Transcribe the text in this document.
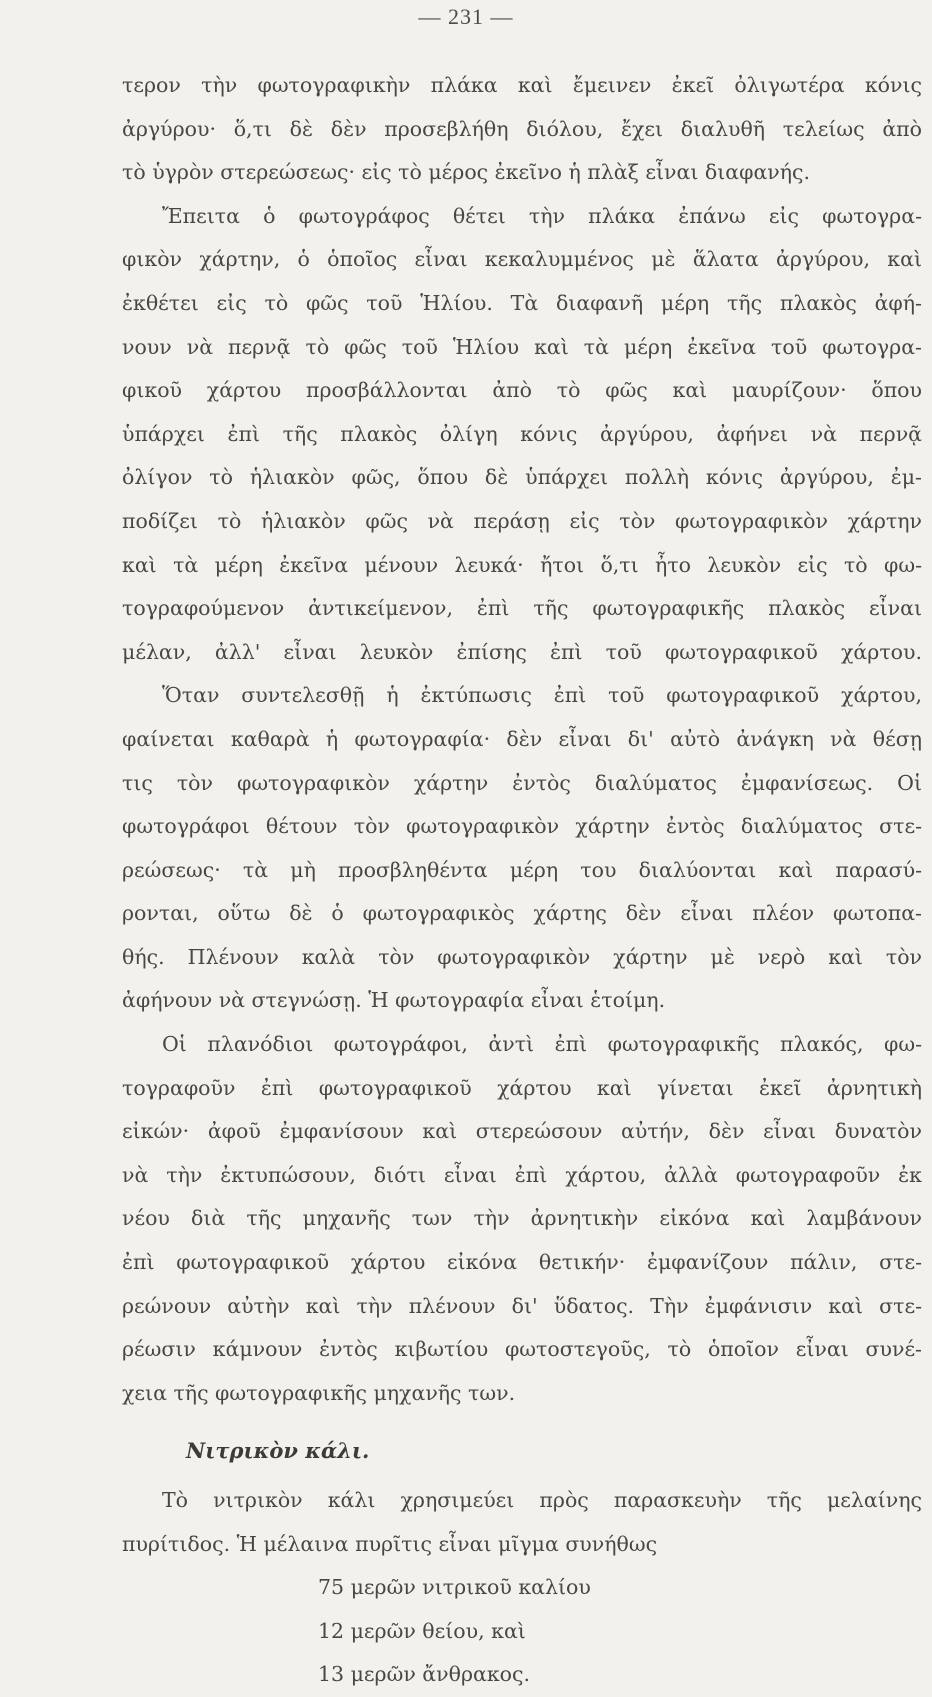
— 231 —
τερον τὴν φωτογραφικὴν πλάκα καὶ ἔμεινεν ἐκεῖ ὀλιγωτέρα κόνις
ἀργύρου· ὅ,τι δὲ δὲν προσεβλήθη διόλου, ἔχει διαλυθῆ τελείως ἀπὸ
τὸ ὑγρὸν στερεώσεως· εἰς τὸ μέρος ἐκεῖνο ἡ πλὰξ εἶναι διαφανής.
Ἔπειτα ὁ φωτογράφος θέτει τὴν πλάκα ἐπάνω εἰς φωτογρα-
φικὸν χάρτην, ὁ ὁποῖος εἶναι κεκαλυμμένος μὲ ἅλατα ἀργύρου, καὶ
ἐκθέτει εἰς τὸ φῶς τοῦ Ἡλίου. Τὰ διαφανῆ μέρη τῆς πλακὸς ἀφή-
νουν νὰ περνᾷ τὸ φῶς τοῦ Ἡλίου καὶ τὰ μέρη ἐκεῖνα τοῦ φωτογρα-
φικοῦ χάρτου προσβάλλονται ἀπὸ τὸ φῶς καὶ μαυρίζουν· ὅπου
ὑπάρχει ἐπὶ τῆς πλακὸς ὀλίγη κόνις ἀργύρου, ἀφήνει νὰ περνᾷ
ὀλίγον τὸ ἡλιακὸν φῶς, ὅπου δὲ ὑπάρχει πολλὴ κόνις ἀργύρου, ἐμ-
ποδίζει τὸ ἡλιακὸν φῶς νὰ περάσῃ εἰς τὸν φωτογραφικὸν χάρτην
καὶ τὰ μέρη ἐκεῖνα μένουν λευκά· ἤτοι ὅ,τι ἦτο λευκὸν εἰς τὸ φω-
τογραφούμενον ἀντικείμενον, ἐπὶ τῆς φωτογραφικῆς πλακὸς εἶναι
μέλαν, ἀλλ' εἶναι λευκὸν ἐπίσης ἐπὶ τοῦ φωτογραφικοῦ χάρτου.
Ὅταν συντελεσθῇ ἡ ἐκτύπωσις ἐπὶ τοῦ φωτογραφικοῦ χάρτου,
φαίνεται καθαρὰ ἡ φωτογραφία· δὲν εἶναι δι' αὐτὸ ἀνάγκη νὰ θέσῃ
τις τὸν φωτογραφικὸν χάρτην ἐντὸς διαλύματος ἐμφανίσεως. Οἱ
φωτογράφοι θέτουν τὸν φωτογραφικὸν χάρτην ἐντὸς διαλύματος στε-
ρεώσεως· τὰ μὴ προσβληθέντα μέρη του διαλύονται καὶ παρασύ-
ρονται, οὕτω δὲ ὁ φωτογραφικὸς χάρτης δὲν εἶναι πλέον φωτοπα-
θής. Πλένουν καλὰ τὸν φωτογραφικὸν χάρτην μὲ νερὸ καὶ τὸν
ἀφήνουν νὰ στεγνώσῃ. Ἡ φωτογραφία εἶναι ἑτοίμη.
Οἱ πλανόδιοι φωτογράφοι, ἀντὶ ἐπὶ φωτογραφικῆς πλακός, φω-
τογραφοῦν ἐπὶ φωτογραφικοῦ χάρτου καὶ γίνεται ἐκεῖ ἀρνητικὴ
εἰκών· ἀφοῦ ἐμφανίσουν καὶ στερεώσουν αὐτήν, δὲν εἶναι δυνατὸν
νὰ τὴν ἐκτυπώσουν, διότι εἶναι ἐπὶ χάρτου, ἀλλὰ φωτογραφοῦν ἐκ
νέου διὰ τῆς μηχανῆς των τὴν ἀρνητικὴν εἰκόνα καὶ λαμβάνουν
ἐπὶ φωτογραφικοῦ χάρτου εἰκόνα θετικήν· ἐμφανίζουν πάλιν, στε-
ρεώνουν αὐτὴν καὶ τὴν πλένουν δι' ὕδατος. Τὴν ἐμφάνισιν καὶ στε-
ρέωσιν κάμνουν ἐντὸς κιβωτίου φωτοστεγοῦς, τὸ ὁποῖον εἶναι συνέ-
χεια τῆς φωτογραφικῆς μηχανῆς των.
Νιτρικὸν κάλι.
Τὸ νιτρικὸν κάλι χρησιμεύει πρὸς παρασκευὴν τῆς μελαίνης
πυρίτιδος. Ἡ μέλαινα πυρῖτις εἶναι μῖγμα συνήθως
75 μερῶν νιτρικοῦ καλίου
12 μερῶν θείου, καὶ
13 μερῶν ἄνθρακος.
